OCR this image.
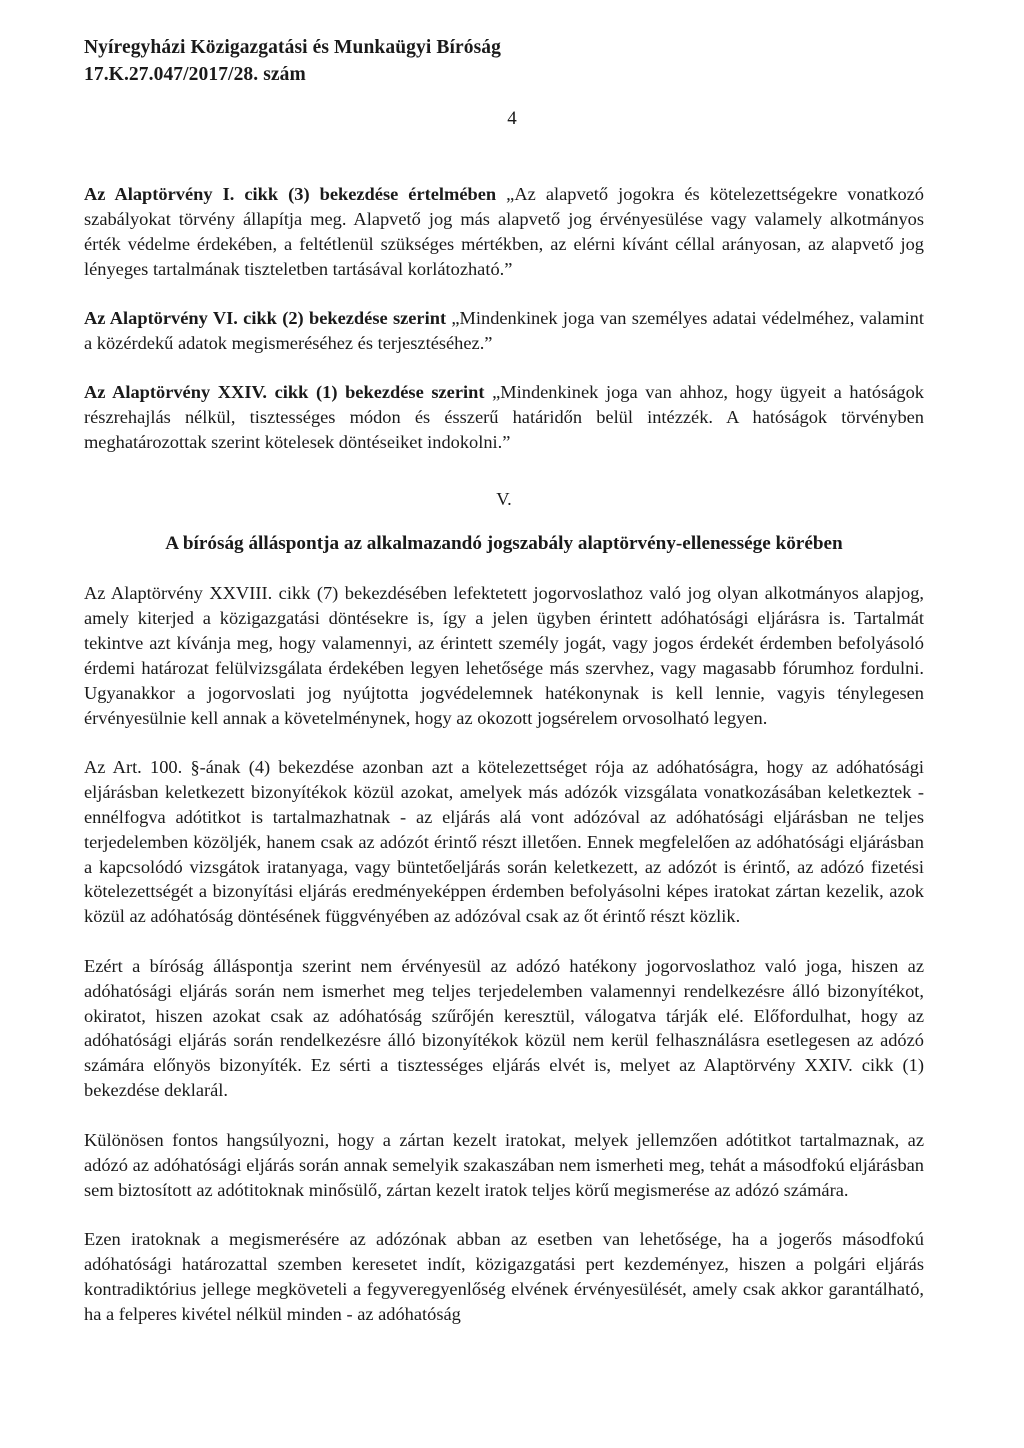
Nyíregyházi Közigazgatási és Munkaügyi Bíróság
17.K.27.047/2017/28. szám
4

Az Alaptörvény I. cikk (3) bekezdése értelmében „Az alapvető jogokra és kötelezettségekre vonatkozó szabályokat törvény állapítja meg. Alapvető jog más alapvető jog érvényesülése vagy valamely alkotmányos érték védelme érdekében, a feltétlenül szükséges mértékben, az elérni kívánt céllal arányosan, az alapvető jog lényeges tartalmának tiszteletben tartásával korlátozható.”

Az Alaptörvény VI. cikk (2) bekezdése szerint „Mindenkinek joga van személyes adatai védelméhez, valamint a közérdekű adatok megismeréséhez és terjesztéséhez.”

Az Alaptörvény XXIV. cikk (1) bekezdése szerint „Mindenkinek joga van ahhoz, hogy ügyeit a hatóságok részrehajlás nélkül, tisztességes módon és ésszerű határidőn belül intézzék. A hatóságok törvényben meghatározottak szerint kötelesek döntéseiket indokolni.”

V.

A bíróság álláspontja az alkalmazandó jogszabály alaptörvény-ellenessége körében

Az Alaptörvény XXVIII. cikk (7) bekezdésében lefektetett jogorvoslathoz való jog olyan alkotmányos alapjog, amely kiterjed a közigazgatási döntésekre is, így a jelen ügyben érintett adóhatósági eljárásra is. Tartalmát tekintve azt kívánja meg, hogy valamennyi, az érintett személy jogát, vagy jogos érdekét érdemben befolyásoló érdemi határozat felülvizsgálata érdekében legyen lehetősége más szervhez, vagy magasabb fórumhoz fordulni. Ugyanakkor a jogorvoslati jog nyújtotta jogvédelemnek hatékonynak is kell lennie, vagyis ténylegesen érvényesülnie kell annak a követelménynek, hogy az okozott jogsérelem orvosolható legyen.

Az Art. 100. §-ának (4) bekezdése azonban azt a kötelezettséget rója az adóhatóságra, hogy az adóhatósági eljárásban keletkezett bizonyítékok közül azokat, amelyek más adózók vizsgálata vonatkozásában keletkeztek - ennélfogva adótitkot is tartalmazhatnak - az eljárás alá vont adózóval az adóhatósági eljárásban ne teljes terjedelemben közöljék, hanem csak az adózót érintő részt illetően. Ennek megfelelően az adóhatósági eljárásban a kapcsolódó vizsgátok iratanyaga, vagy büntetőeljárás során keletkezett, az adózót is érintő, az adózó fizetési kötelezettségét a bizonyítási eljárás eredményeképpen érdemben befolyásolni képes iratokat zártan kezelik, azok közül az adóhatóság döntésének függvényében az adózóval csak az őt érintő részt közlik.

Ezért a bíróság álláspontja szerint nem érvényesül az adózó hatékony jogorvoslathoz való joga, hiszen az adóhatósági eljárás során nem ismerhet meg teljes terjedelemben valamennyi rendelkezésre álló bizonyítékot, okiratot, hiszen azokat csak az adóhatóság szűrőjén keresztül, válogatva tárják elé. Előfordulhat, hogy az adóhatósági eljárás során rendelkezésre álló bizonyítékok közül nem kerül felhasználásra esetlegesen az adózó számára előnyös bizonyíték. Ez sérti a tisztességes eljárás elvét is, melyet az Alaptörvény XXIV. cikk (1) bekezdése deklarál.

Különösen fontos hangsúlyozni, hogy a zártan kezelt iratokat, melyek jellemzően adótitkot tartalmaznak, az adózó az adóhatósági eljárás során annak semelyik szakaszában nem ismerheti meg, tehát a másodfokú eljárásban sem biztosított az adótitoknak minősülő, zártan kezelt iratok teljes körű megismerése az adózó számára.

Ezen iratoknak a megismerésére az adózónak abban az esetben van lehetősége, ha a jogerős másodfokú adóhatósági határozattal szemben keresetet indít, közigazgatási pert kezdeményez, hiszen a polgári eljárás kontradiktórius jellege megköveteli a fegyveregyenlőség elvének érvényesülését, amely csak akkor garantálható, ha a felperes kivétel nélkül minden - az adóhatóság
